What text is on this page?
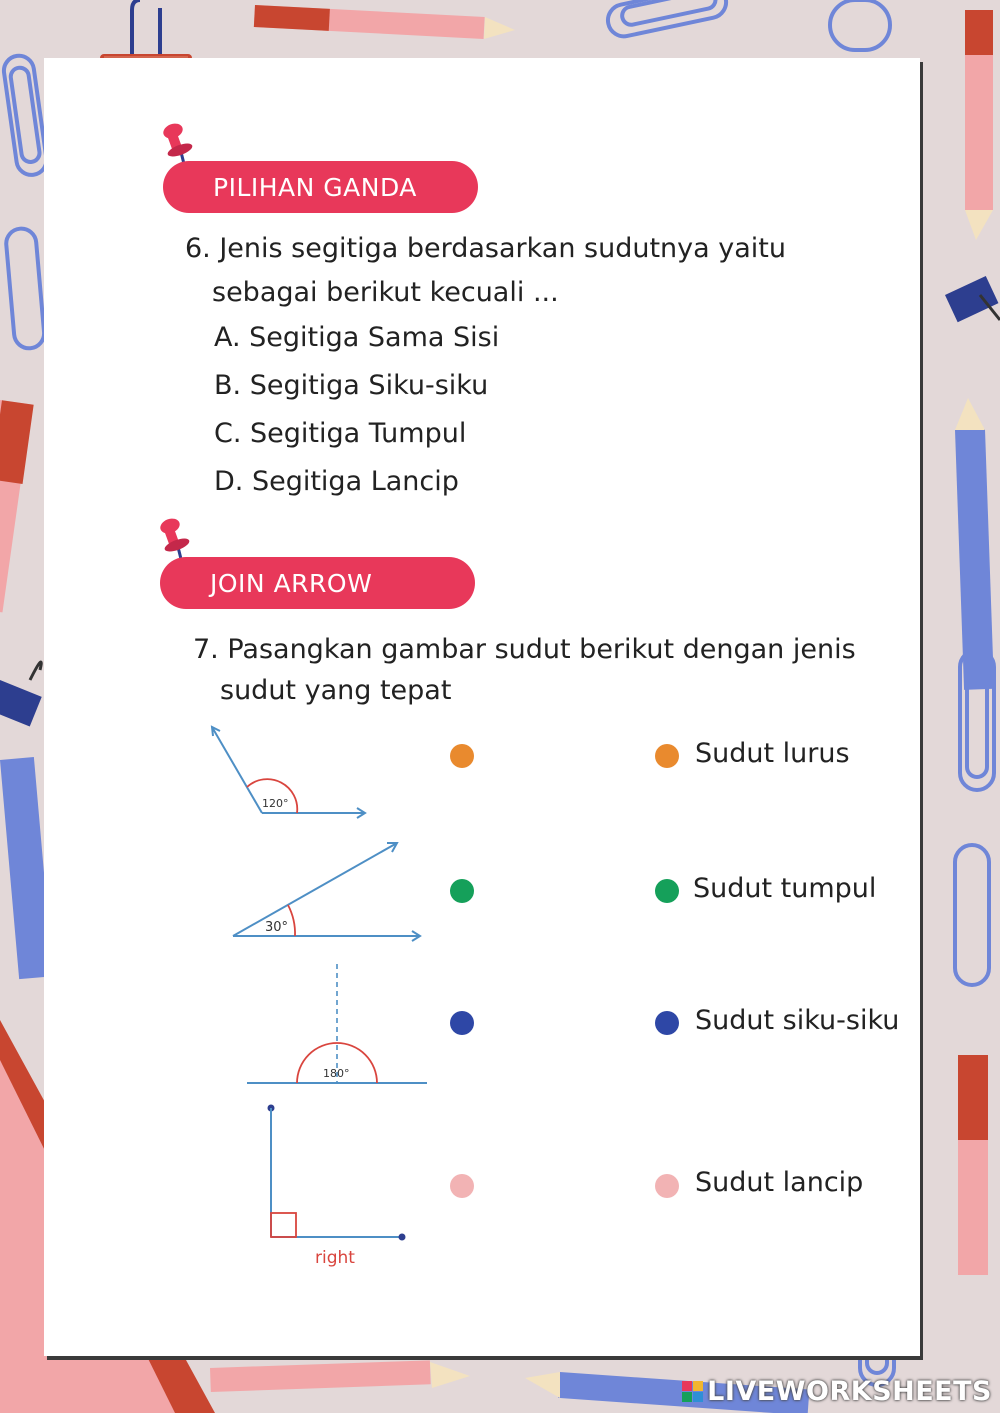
PILIHAN GANDA
6. Jenis segitiga berdasarkan sudutnya yaitu
sebagai berikut kecuali ...
A. Segitiga Sama Sisi
B. Segitiga Siku-siku
C. Segitiga Tumpul
D. Segitiga Lancip
JOIN ARROW
7. Pasangkan gambar sudut berikut dengan jenis
sudut yang tepat
120°
30°
180°
right
Sudut lurus
Sudut tumpul
Sudut siku-siku
Sudut lancip
LIVEWORKSHEETS
